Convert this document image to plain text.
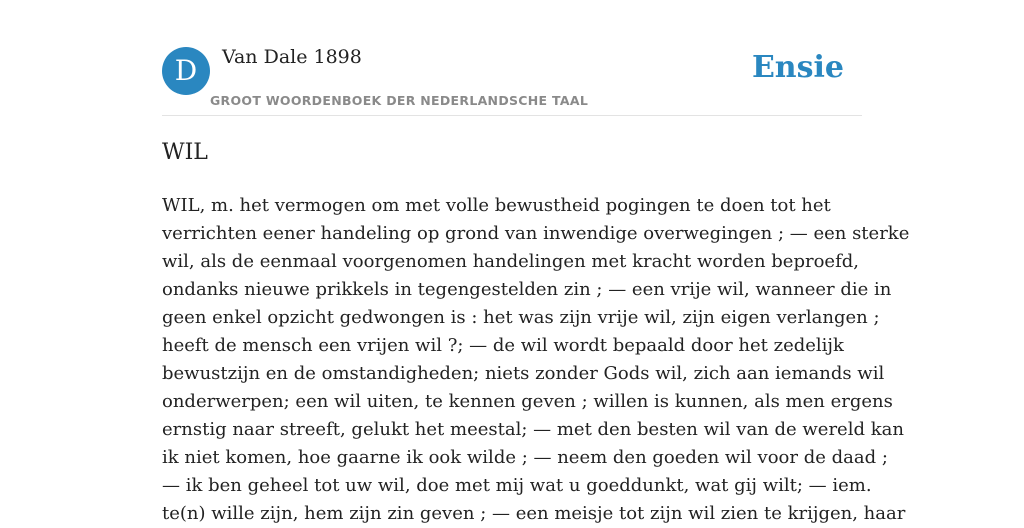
D	Van Dale 1898
GROOT WOORDENBOEK DER NEDERLANDSCHE TAAL
Ensie
WIL

WIL, m. het vermogen om met volle bewustheid pogingen te doen tot het
verrichten eener handeling op grond van inwendige overwegingen ; — een sterke
wil, als de eenmaal voorgenomen handelingen met kracht worden beproefd,
ondanks nieuwe prikkels in tegengestelden zin ; — een vrije wil, wanneer die in
geen enkel opzicht gedwongen is : het was zijn vrije wil, zijn eigen verlangen ;
heeft de mensch een vrijen wil ?; — de wil wordt bepaald door het zedelijk
bewustzijn en de omstandigheden; niets zonder Gods wil, zich aan iemands wil
onderwerpen; een wil uiten, te kennen geven ; willen is kunnen, als men ergens
ernstig naar streeft, gelukt het meestal; — met den besten wil van de wereld kan
ik niet komen, hoe gaarne ik ook wilde ; — neem den goeden wil voor de daad ;
— ik ben geheel tot uw wil, doe met mij wat u goeddunkt, wat gij wilt; — iem.
te(n) wille zijn, hem zijn zin geven ; — een meisje tot zijn wil zien te krijgen, haar
